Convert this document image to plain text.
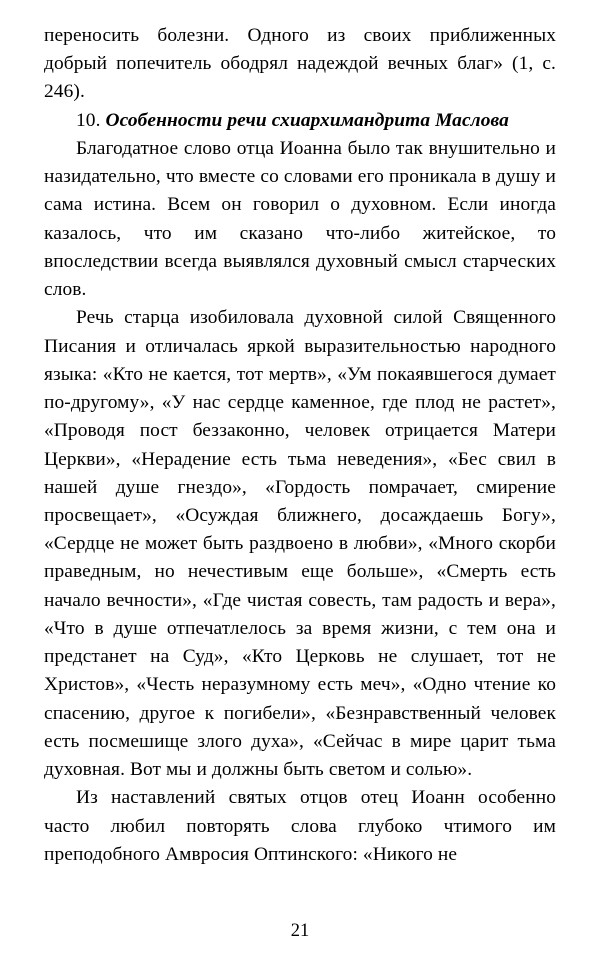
переносить болезни. Одного из своих приближенных добрый попечитель ободрял надеждой вечных благ» (1, с. 246).

10. Особенности речи схиархимандрита Маслова

Благодатное слово отца Иоанна было так внушительно и назидательно, что вместе со словами его проникала в душу и сама истина. Всем он говорил о духовном. Если иногда казалось, что им сказано что-либо житейское, то впоследствии всегда выявлялся духовный смысл старческих слов.

Речь старца изобиловала духовной силой Священного Писания и отличалась яркой выразительностью народного языка: «Кто не кается, тот мертв», «Ум покаявшегося думает по-другому», «У нас сердце каменное, где плод не растет», «Проводя пост беззаконно, человек отрицается Матери Церкви», «Нерадение есть тьма неведения», «Бес свил в нашей душе гнездо», «Гордость помрачает, смирение просвещает», «Осуждая ближнего, досаждаешь Богу», «Сердце не может быть раздвоено в любви», «Много скорби праведным, но нечестивым еще больше», «Смерть есть начало вечности», «Где чистая совесть, там радость и вера», «Что в душе отпечатлелось за время жизни, с тем она и предстанет на Суд», «Кто Церковь не слушает, тот не Христов», «Честь неразумному есть меч», «Одно чтение ко спасению, другое к погибели», «Безнравственный человек есть посмешище злого духа», «Сейчас в мире царит тьма духовная. Вот мы и должны быть светом и солью».

Из наставлений святых отцов отец Иоанн особенно часто любил повторять слова глубоко чтимого им преподобного Амвросия Оптинского: «Никого не

21
